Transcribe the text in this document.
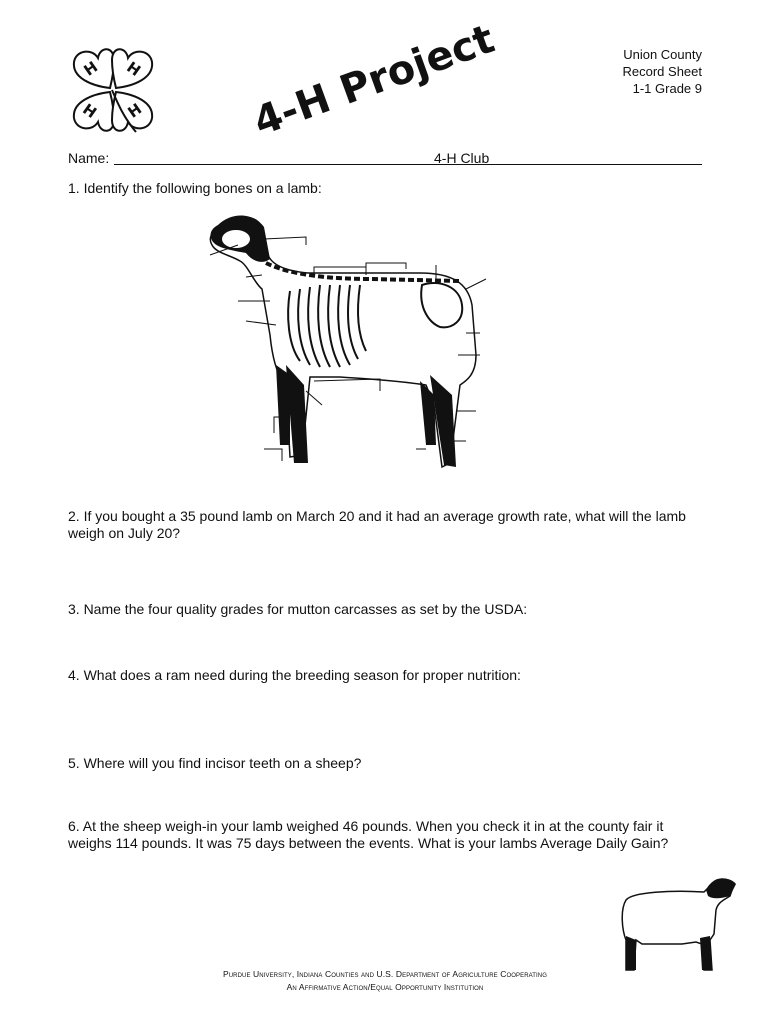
H H
H H	4-H Project	Union County
Record Sheet
1-1 Grade 9
Name:	4-H Club
1. Identify the following bones on a lamb:
2. If you bought a 35 pound lamb on March 20 and it had an average growth rate, what will the lamb weigh on July 20?
3. Name the four quality grades for mutton carcasses as set by the USDA:
4. What does a ram need during the breeding season for proper nutrition:
5. Where will you find incisor teeth on a sheep?
6. At the sheep weigh-in your lamb weighed 46 pounds. When you check it in at the county fair it weighs 114 pounds. It was 75 days between the events. What is your lambs Average Daily Gain?
Purdue University, Indiana Counties and U.S. Department of Agriculture Cooperating
An Affirmative Action/Equal Opportunity Institution
